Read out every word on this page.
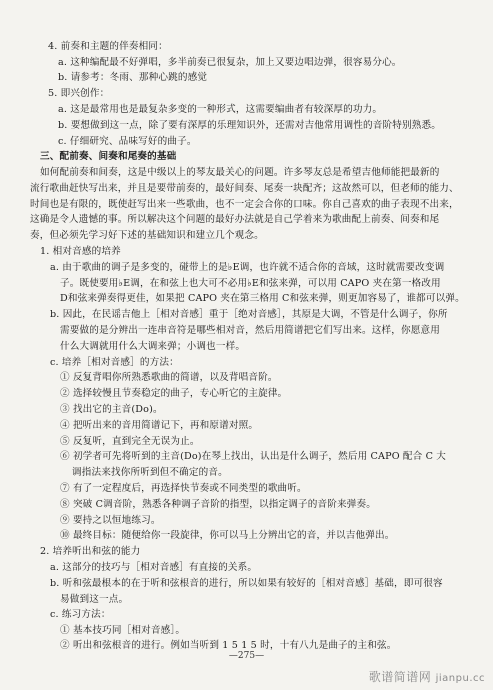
4. 前奏和主题的伴奏相同：
a. 这种编配最不好弹唱，多半前奏已很复杂，加上又要边唱边弹，很容易分心。
b. 请参考：冬雨、那种心跳的感觉
5. 即兴创作：
a. 这是最常用也是最复杂多变的一种形式，这需要编曲者有较深厚的功力。
b. 要想做到这一点，除了要有深厚的乐理知识外，还需对吉他常用调性的音阶特别熟悉。
c. 仔细研究、品味写好的曲子。
三、配前奏、间奏和尾奏的基础
如何配前奏和间奏，这是中级以上的琴友最关心的问题。许多琴友总是希望吉他师能把最新的
流行歌曲赶快写出来，并且是要带前奏的，最好间奏、尾奏一块配齐；这故然可以，但老师的能力、
时间也是有限的，既使赶写出来一些歌曲，也不一定会合你的口味。你自己喜欢的曲子表现不出来，
这确是令人遗憾的事。所以解决这个问题的最好办法就是自己学着来为歌曲配上前奏、间奏和尾
奏，但必须先学习好下述的基础知识和建立几个观念。
1. 相对音感的培养
a. 由于歌曲的调子是多变的，碰带上的是♭E调，也许就不适合你的音域，这时就需要改变调
子。既使要用♭E调，在和弦上也大可不必用♭E和弦来弹，可以用 CAPO 夹在第一格改用
D和弦来弹奏得更佳，如果把 CAPO 夹在第三格用 C和弦来弹，则更加容易了，谁都可以弹。
b. 因此，在民谣吉他上［相对音感］重于［绝对音感］，其原是大调，不管是什么调子，你所
需要做的是分辨出一连串音符是哪些相对音，然后用简谱把它们写出来。这样，你愿意用
什么大调就用什么大调来弹；小调也一样。
c. 培养［相对音感］的方法：
① 反复背唱你所熟悉歌曲的简谱，以及背唱音阶。
② 选择较慢且节奏稳定的曲子，专心听它的主旋律。
③ 找出它的主音(Do)。
④ 把听出来的音用简谱记下，再和原谱对照。
⑤ 反复听，直到完全无误为止。
⑥ 初学者可先将听到的主音(Do)在琴上找出，认出是什么调子，然后用 CAPO 配合 C 大
调指法来找你所听到但不确定的音。
⑦ 有了一定程度后，再选择快节奏或不同类型的歌曲听。
⑧ 突破 C调音阶，熟悉各种调子音阶的指型，以指定调子的音阶来弹奏。
⑨ 要持之以恒地练习。
⑩ 最终目标：随便给你一段旋律，你可以马上分辨出它的音，并以吉他弹出。
2. 培养听出和弦的能力
a. 这部分的技巧与［相对音感］有直接的关系。
b. 听和弦最根本的在于听和弦根音的进行，所以如果有较好的［相对音感］基础，即可很容
易做到这一点。
c. 练习方法：
① 基本技巧同［相对音感］。
② 听出和弦根音的进行。例如当听到 1 5 1 5 时，十有八九是曲子的主和弦。
—275—
歌谱简谱网 jianpu.cc
